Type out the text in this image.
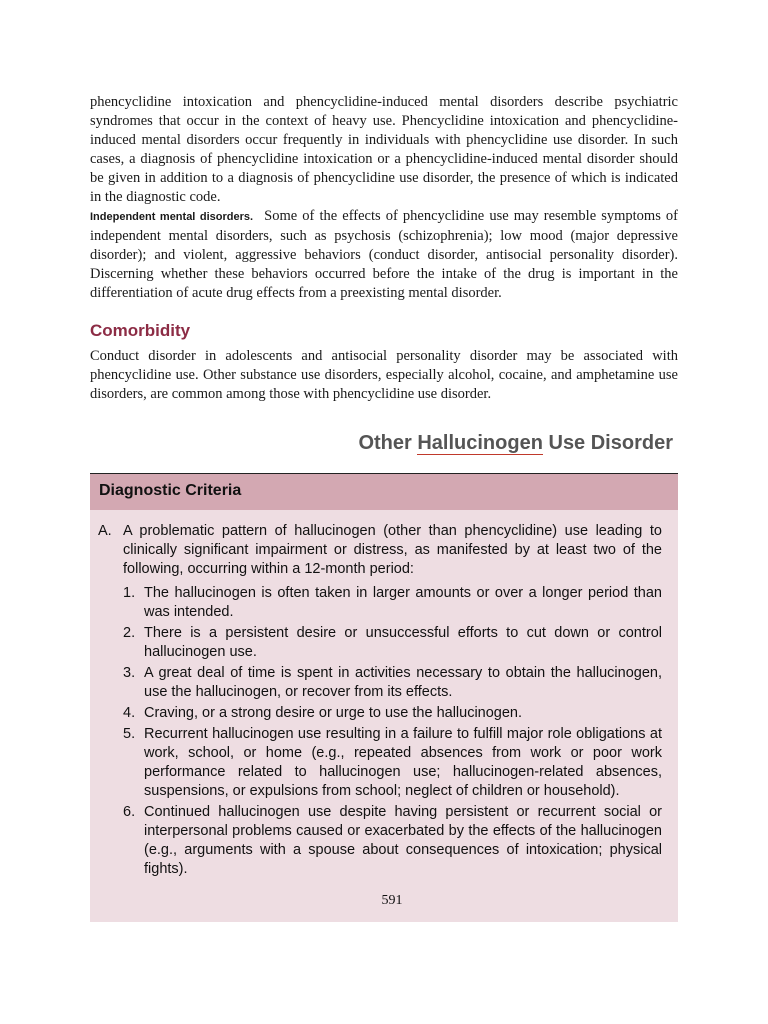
phencyclidine intoxication and phencyclidine-induced mental disorders describe psychiatric syndromes that occur in the context of heavy use. Phencyclidine intoxication and phencyclidine-induced mental disorders occur frequently in individuals with phencyclidine use disorder. In such cases, a diagnosis of phencyclidine intoxication or a phencyclidine-induced mental disorder should be given in addition to a diagnosis of phencyclidine use disorder, the presence of which is indicated in the diagnostic code.

Independent mental disorders. Some of the effects of phencyclidine use may resemble symptoms of independent mental disorders, such as psychosis (schizophrenia); low mood (major depressive disorder); and violent, aggressive behaviors (conduct disorder, antisocial personality disorder). Discerning whether these behaviors occurred before the intake of the drug is important in the differentiation of acute drug effects from a preexisting mental disorder.

Comorbidity

Conduct disorder in adolescents and antisocial personality disorder may be associated with phencyclidine use. Other substance use disorders, especially alcohol, cocaine, and amphetamine use disorders, are common among those with phencyclidine use disorder.

Other Hallucinogen Use Disorder
Diagnostic Criteria
A. A problematic pattern of hallucinogen (other than phencyclidine) use leading to clinically significant impairment or distress, as manifested by at least two of the following, occurring within a 12-month period:
1. The hallucinogen is often taken in larger amounts or over a longer period than was intended.
2. There is a persistent desire or unsuccessful efforts to cut down or control hallucinogen use.
3. A great deal of time is spent in activities necessary to obtain the hallucinogen, use the hallucinogen, or recover from its effects.
4. Craving, or a strong desire or urge to use the hallucinogen.
5. Recurrent hallucinogen use resulting in a failure to fulfill major role obligations at work, school, or home (e.g., repeated absences from work or poor work performance related to hallucinogen use; hallucinogen-related absences, suspensions, or expulsions from school; neglect of children or household).
6. Continued hallucinogen use despite having persistent or recurrent social or interpersonal problems caused or exacerbated by the effects of the hallucinogen (e.g., arguments with a spouse about consequences of intoxication; physical fights).
591
